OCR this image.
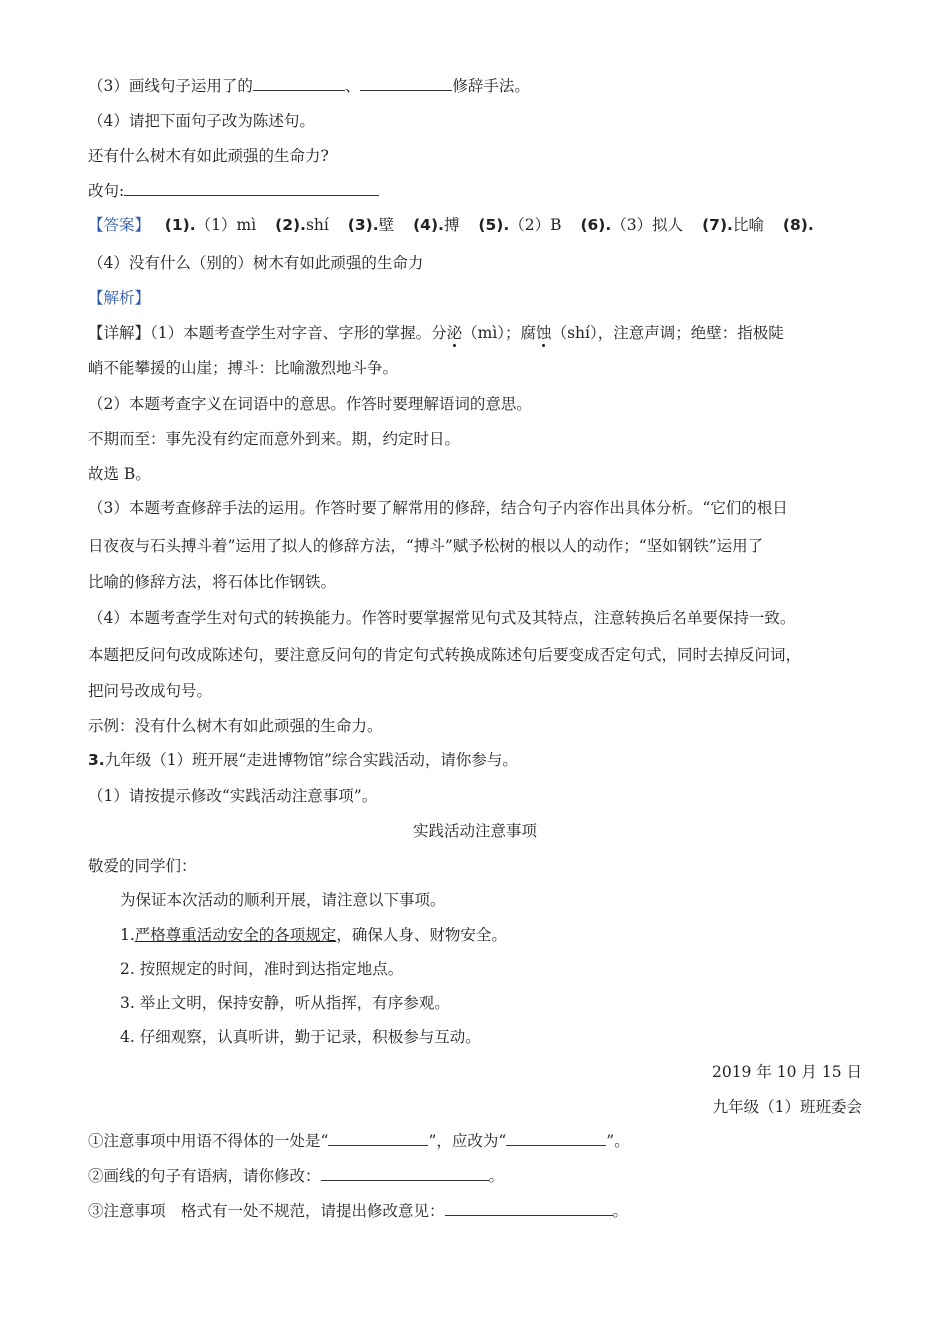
（3）画线句子运用了的	、	修辞手法。
（4）请把下面句子改为陈述句。
还有什么树木有如此顽强的生命力?
改句:
【答案】 (1).（1）mì (2).shí (3).壁 (4).搏 (5).（2）B (6).（3）拟人 (7).比喻 (8).
（4）没有什么（别的）树木有如此顽强的生命力
【解析】
【详解】（1）本题考查学生对字音、字形的掌握。分泌（mì）；腐蚀（shí），注意声调；绝壁：指极陡
峭不能攀援的山崖；搏斗：比喻激烈地斗争。
（2）本题考查字义在词语中的意思。作答时要理解语词的意思。
不期而至：事先没有约定而意外到来。期，约定时日。
故选 B。
（3）本题考查修辞手法的运用。作答时要了解常用的修辞，结合句子内容作出具体分析。“它们的根日
日夜夜与石头搏斗着”运用了拟人的修辞方法，“搏斗”赋予松树的根以人的动作；“坚如钢铁”运用了
比喻的修辞方法，将石体比作钢铁。
（4）本题考查学生对句式的转换能力。作答时要掌握常见句式及其特点，注意转换后名单要保持一致。
本题把反问句改成陈述句，要注意反问句的肯定句式转换成陈述句后要变成否定句式，同时去掉反问词，
把问号改成句号。
示例：没有什么树木有如此顽强的生命力。
3.九年级（1）班开展“走进博物馆”综合实践活动，请你参与。
（1）请按提示修改“实践活动注意事项”。
实践活动注意事项
敬爱的同学们：
为保证本次活动的顺利开展，请注意以下事项。
1.严格尊重活动安全的各项规定，确保人身、财物安全。
2. 按照规定的时间，准时到达指定地点。
3. 举止文明，保持安静，听从指挥，有序参观。
4. 仔细观察，认真听讲，勤于记录，积极参与互动。
2019 年 10 月 15 日
九年级（1）班班委会
①注意事项中用语不得体的一处是“	”，应改为“	”。
②画线的句子有语病，请你修改：	。
③注意事项　格式有一处不规范，请提出修改意见：	。
